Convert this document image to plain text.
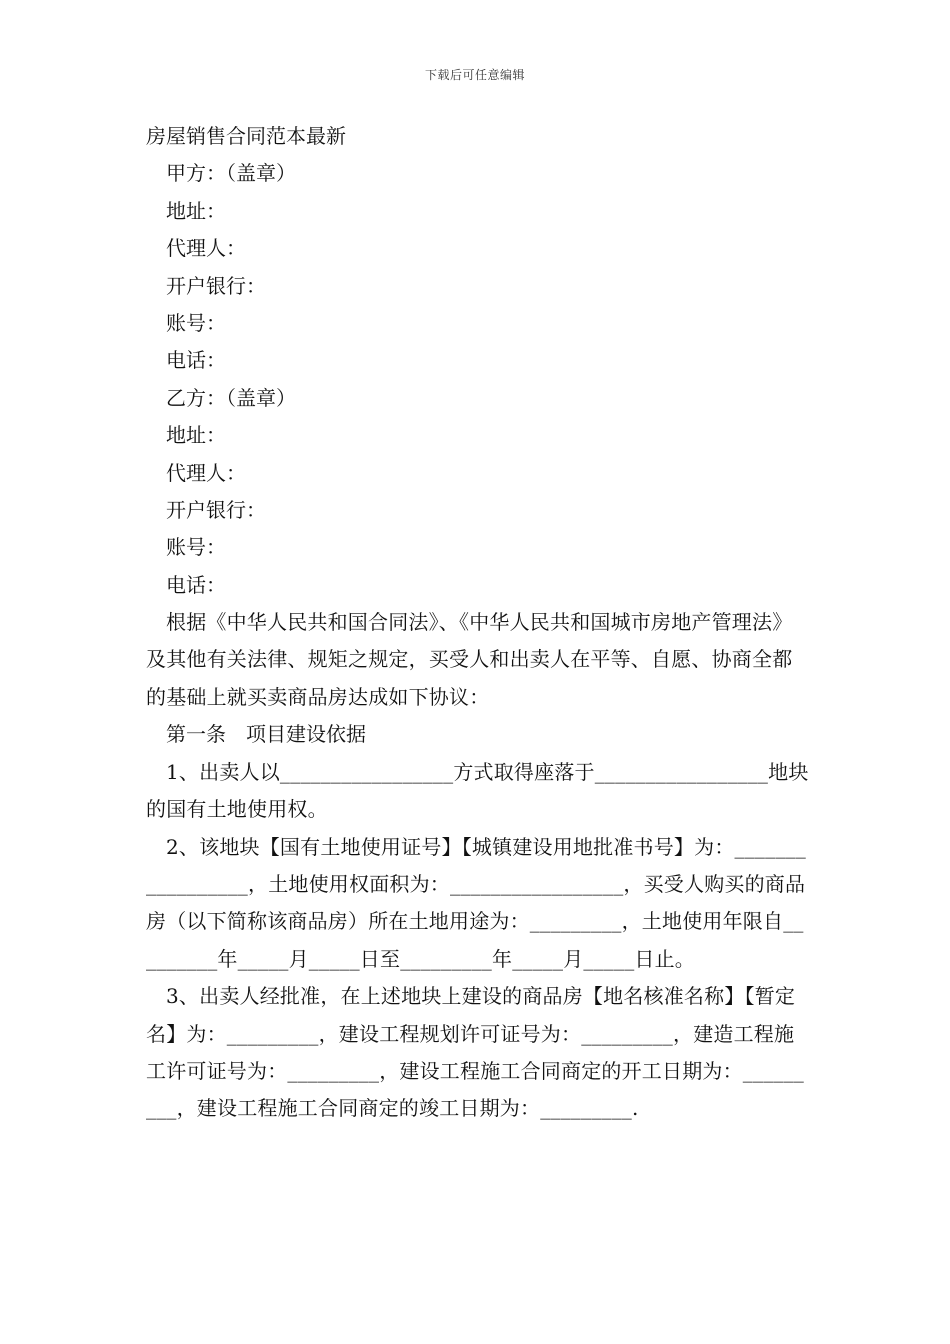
下载后可任意编辑
房屋销售合同范本最新
甲方：（盖章）
地址：
代理人：
开户银行：
账号：
电话：
乙方：（盖章）
地址：
代理人：
开户银行：
账号：
电话：

根据《中华人民共和国合同法》、《中华人民共和国城市房地产管理法》及其他有关法律、规矩之规定，买受人和出卖人在平等、自愿、协商全都的基础上就买卖商品房达成如下协议：

第一条　项目建设依据

1、出卖人以_________________方式取得座落于_________________地块的国有土地使用权。

2、该地块【国有土地使用证号】【城镇建设用地批准书号】为：_________________，土地使用权面积为：_________________，买受人购买的商品房（以下简称该商品房）所在土地用途为：_________，土地使用年限自_________年_____月_____日至_________年_____月_____日止。

3、出卖人经批准，在上述地块上建设的商品房【地名核准名称】【暂定名】为：_________，建设工程规划许可证号为：_________，建造工程施工许可证号为：_________，建设工程施工合同商定的开工日期为：_________，建设工程施工合同商定的竣工日期为：_________.
